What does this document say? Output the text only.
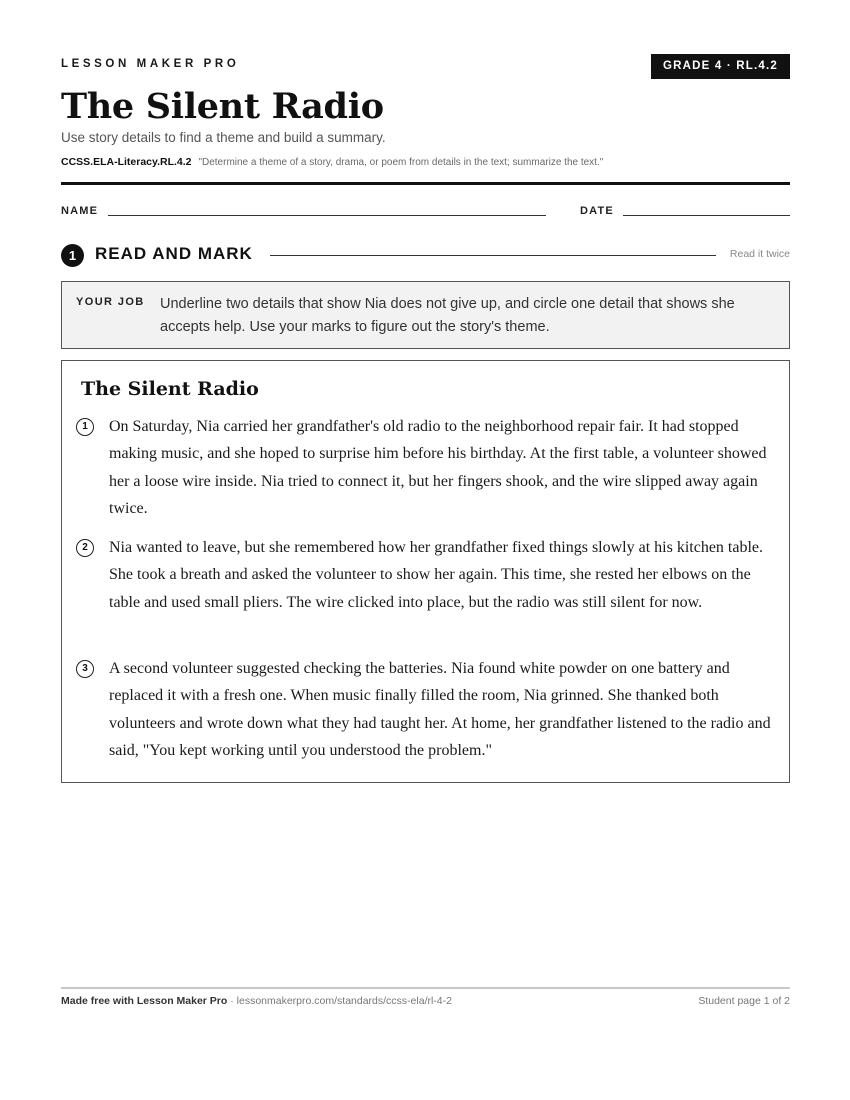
LESSON MAKER PRO	GRADE 4 · RL.4.2
The Silent Radio
Use story details to find a theme and build a summary.
CCSS.ELA-Literacy.RL.4.2 "Determine a theme of a story, drama, or poem from details in the text; summarize the text."
NAME	DATE
1	READ AND MARK	Read it twice
YOUR JOB Underline two details that show Nia does not give up, and circle one detail that shows she accepts help. Use your marks to figure out the story's theme.
The Silent Radio
1	On Saturday, Nia carried her grandfather's old radio to the neighborhood repair fair. It had stopped making music, and she hoped to surprise him before his birthday. At the first table, a volunteer showed her a loose wire inside. Nia tried to connect it, but her fingers shook, and the wire slipped away again twice.

2	Nia wanted to leave, but she remembered how her grandfather fixed things slowly at his kitchen table. She took a breath and asked the volunteer to show her again. This time, she rested her elbows on the table and used small pliers. The wire clicked into place, but the radio was still silent for now.

3	A second volunteer suggested checking the batteries. Nia found white powder on one battery and replaced it with a fresh one. When music finally filled the room, Nia grinned. She thanked both volunteers and wrote down what they had taught her. At home, her grandfather listened to the radio and said, "You kept working until you understood the problem."

Made free with Lesson Maker Pro · lessonmakerpro.com/standards/ccss-ela/rl-4-2	Student page 1 of 2
